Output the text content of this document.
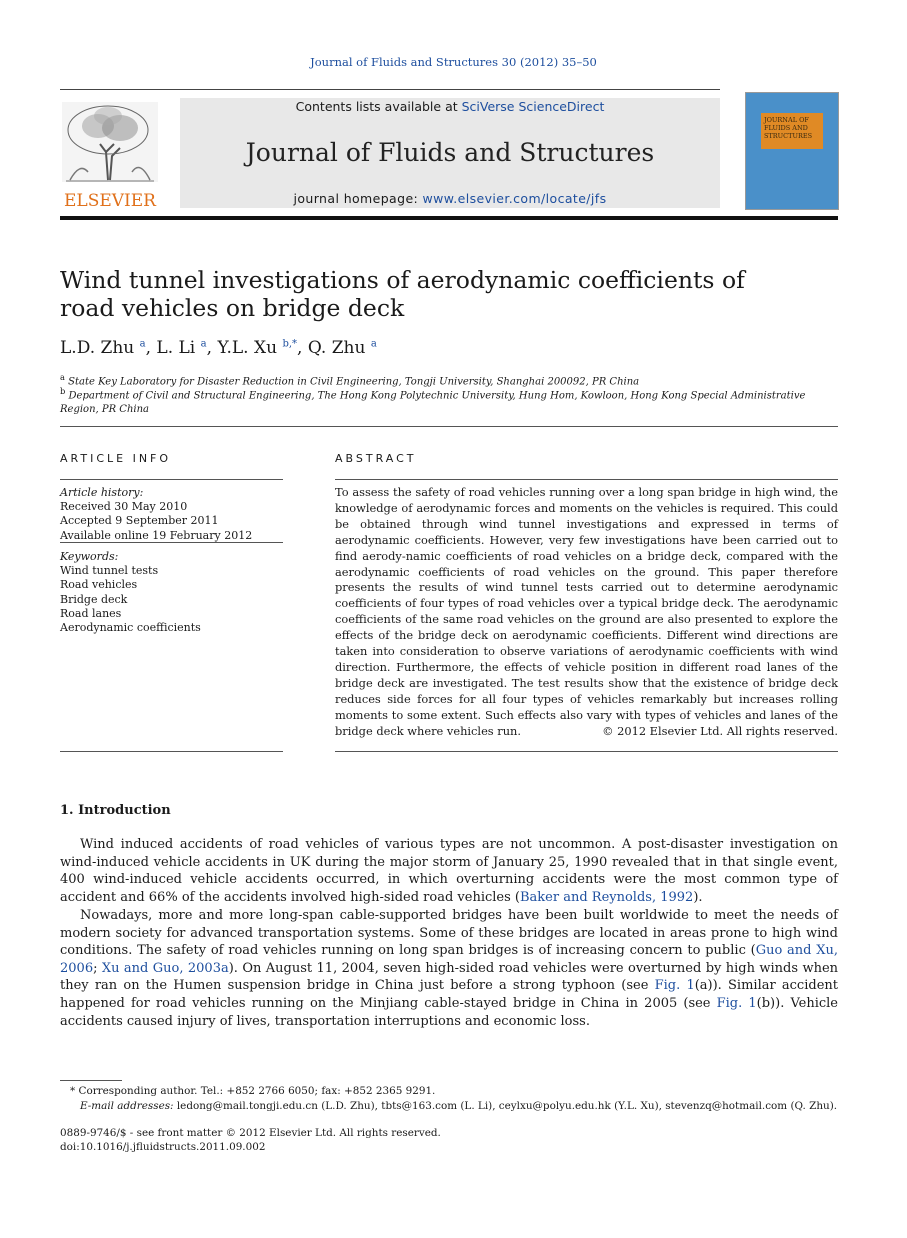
Journal of Fluids and Structures 30 (2012) 35–50
ELSEVIER
Contents lists available at SciVerse ScienceDirect
Journal of Fluids and Structures
journal homepage: www.elsevier.com/locate/jfs
JOURNAL OF FLUIDS AND STRUCTURES
Wind tunnel investigations of aerodynamic coefficients of road vehicles on bridge deck
L.D. Zhu $^a$, L. Li $^a$, Y.L. Xu $^{b,*}$, Q. Zhu $^a$
$^a$ State Key Laboratory for Disaster Reduction in Civil Engineering, Tongji University, Shanghai 200092, PR China
$^b$ Department of Civil and Structural Engineering, The Hong Kong Polytechnic University, Hung Hom, Kowloon, Hong Kong Special Administrative Region, PR China
ARTICLE INFO
Article history:
Received 30 May 2010
Accepted 9 September 2011
Available online 19 February 2012
Keywords:
Wind tunnel tests
Road vehicles
Bridge deck
Road lanes
Aerodynamic coefficients
ABSTRACT
To assess the safety of road vehicles running over a long span bridge in high wind, the knowledge of aerodynamic forces and moments on the vehicles is required. This could be obtained through wind tunnel investigations and expressed in terms of aerodynamic coefficients. However, very few investigations have been carried out to find aerody-namic coefficients of road vehicles on a bridge deck, compared with the aerodynamic coefficients of road vehicles on the ground. This paper therefore presents the results of wind tunnel tests carried out to determine aerodynamic coefficients of four types of road vehicles over a typical bridge deck. The aerodynamic coefficients of the same road vehicles on the ground are also presented to explore the effects of the bridge deck on aerodynamic coefficients. Different wind directions are taken into consideration to observe variations of aerodynamic coefficients with wind direction. Furthermore, the effects of vehicle position in different road lanes of the bridge deck are investigated. The test results show that the existence of bridge deck reduces side forces for all four types of vehicles remarkably but increases rolling moments to some extent. Such effects also vary with types of vehicles and lanes of the bridge deck where vehicles run.	© 2012 Elsevier Ltd. All rights reserved.
1. Introduction
Wind induced accidents of road vehicles of various types are not uncommon. A post-disaster investigation on wind-induced vehicle accidents in UK during the major storm of January 25, 1990 revealed that in that single event, 400 wind-induced vehicle accidents occurred, in which overturning accidents were the most common type of accident and 66% of the accidents involved high-sided road vehicles (Baker and Reynolds, 1992).
Nowadays, more and more long-span cable-supported bridges have been built worldwide to meet the needs of modern society for advanced transportation systems. Some of these bridges are located in areas prone to high wind conditions. The safety of road vehicles running on long span bridges is of increasing concern to public (Guo and Xu, 2006; Xu and Guo, 2003a). On August 11, 2004, seven high-sided road vehicles were overturned by high winds when they ran on the Humen suspension bridge in China just before a strong typhoon (see Fig. 1(a)). Similar accident happened for road vehicles running on the Minjiang cable-stayed bridge in China in 2005 (see Fig. 1(b)). Vehicle accidents caused injury of lives, transportation interruptions and economic loss.
* Corresponding author. Tel.: +852 2766 6050; fax: +852 2365 9291.
E-mail addresses: ledong@mail.tongji.edu.cn (L.D. Zhu), tbts@163.com (L. Li), ceylxu@polyu.edu.hk (Y.L. Xu), stevenzq@hotmail.com (Q. Zhu).
0889-9746/$ - see front matter © 2012 Elsevier Ltd. All rights reserved.
doi:10.1016/j.jfluidstructs.2011.09.002
